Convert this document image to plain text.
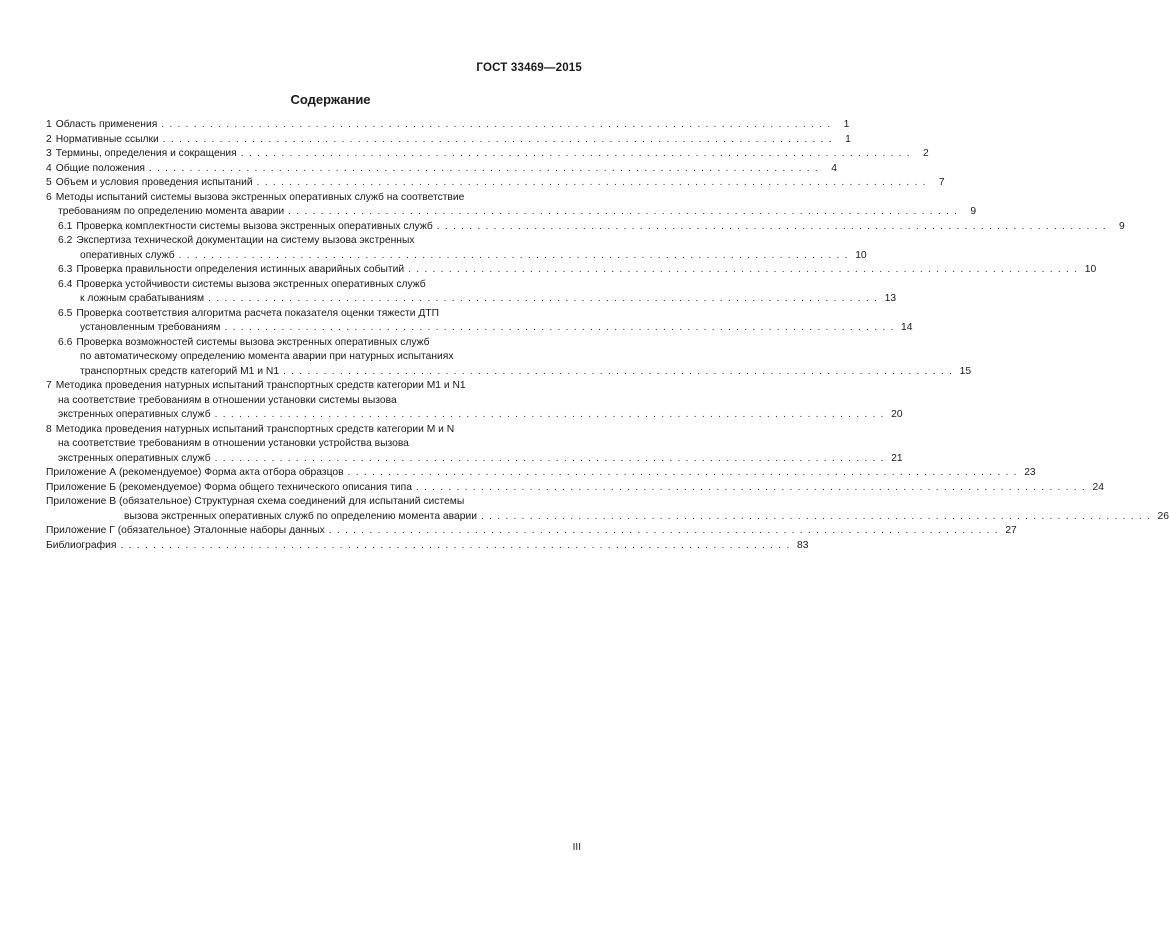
ГОСТ 33469—2015
Содержание
1 Область применения . . . . . . . . . . . . . . . . . . . . . . . . . . . . . . . . . . . . . . . . . . . . . . . . . . . . . . . . . . . . . . . . . . . . . . . . . . . . . . . . . . .	1
2 Нормативные ссылки . . . . . . . . . . . . . . . . . . . . . . . . . . . . . . . . . . . . . . . . . . . . . . . . . . . . . . . . . . . . . . . . . . . . . . . . . . . . . . . . . . .	1
3 Термины, определения и сокращения . . . . . . . . . . . . . . . . . . . . . . . . . . . . . . . . . . . . . . . . . . . . . . . . . . . . . . . . . . . . . . . . . . . . . . . . . . . . . . . . . . .	2
4 Общие положения . . . . . . . . . . . . . . . . . . . . . . . . . . . . . . . . . . . . . . . . . . . . . . . . . . . . . . . . . . . . . . . . . . . . . . . . . . . . . . . . . . .	4
5 Объем и условия проведения испытаний . . . . . . . . . . . . . . . . . . . . . . . . . . . . . . . . . . . . . . . . . . . . . . . . . . . . . . . . . . . . . . . . . . . . . . . . . . . . . . . . . . .	7
6 Методы испытаний системы вызова экстренных оперативных служб на соответствие
требованиям по определению момента аварии . . . . . . . . . . . . . . . . . . . . . . . . . . . . . . . . . . . . . . . . . . . . . . . . . . . . . . . . . . . . . . . . . . . . . . . . . . . . . . . . . . .	9
6.1 Проверка комплектности системы вызова экстренных оперативных служб . . . . . . . . . . . . . . . . . . . . . . . . . . . . . . . . . . . . . . . . . . . . . . . . . . . . . . . . . . . . . . . . . . . . . . . . . . . . . . . . . . .	9
6.2 Экспертиза технической документации на систему вызова экстренных
оперативных служб . . . . . . . . . . . . . . . . . . . . . . . . . . . . . . . . . . . . . . . . . . . . . . . . . . . . . . . . . . . . . . . . . . . . . . . . . . . . . . . . . . . 10
6.3 Проверка правильности определения истинных аварийных событий . . . . . . . . . . . . . . . . . . . . . . . . . . . . . . . . . . . . . . . . . . . . . . . . . . . . . . . . . . . . . . . . . . . . . . . . . . . . . . . . . . . 10
6.4 Проверка устойчивости системы вызова экстренных оперативных служб
к ложным срабатываниям . . . . . . . . . . . . . . . . . . . . . . . . . . . . . . . . . . . . . . . . . . . . . . . . . . . . . . . . . . . . . . . . . . . . . . . . . . . . . . . . . . . 13
6.5 Проверка соответствия алгоритма расчета показателя оценки тяжести ДТП
установленным требованиям . . . . . . . . . . . . . . . . . . . . . . . . . . . . . . . . . . . . . . . . . . . . . . . . . . . . . . . . . . . . . . . . . . . . . . . . . . . . . . . . . . . 14
6.6 Проверка возможностей системы вызова экстренных оперативных служб
по автоматическому определению момента аварии при натурных испытаниях
транспортных средств категорий М1 и N1 . . . . . . . . . . . . . . . . . . . . . . . . . . . . . . . . . . . . . . . . . . . . . . . . . . . . . . . . . . . . . . . . . . . . . . . . . . . . . . . . . . . 15
7 Методика проведения натурных испытаний транспортных средств категории М1 и N1
на соответствие требованиям в отношении установки системы вызова
экстренных оперативных служб . . . . . . . . . . . . . . . . . . . . . . . . . . . . . . . . . . . . . . . . . . . . . . . . . . . . . . . . . . . . . . . . . . . . . . . . . . . . . . . . . . . 20
8 Методика проведения натурных испытаний транспортных средств категории М и N
на соответствие требованиям в отношении установки устройства вызова
экстренных оперативных служб . . . . . . . . . . . . . . . . . . . . . . . . . . . . . . . . . . . . . . . . . . . . . . . . . . . . . . . . . . . . . . . . . . . . . . . . . . . . . . . . . . . 21
Приложение А (рекомендуемое) Форма акта отбора образцов . . . . . . . . . . . . . . . . . . . . . . . . . . . . . . . . . . . . . . . . . . . . . . . . . . . . . . . . . . . . . . . . . . . . . . . . . . . . . . . . . . . 23
Приложение Б (рекомендуемое) Форма общего технического описания типа . . . . . . . . . . . . . . . . . . . . . . . . . . . . . . . . . . . . . . . . . . . . . . . . . . . . . . . . . . . . . . . . . . . . . . . . . . . . . . . . . . . 24
Приложение В (обязательное) Структурная схема соединений для испытаний системы
вызова экстренных оперативных служб по определению момента аварии . . . . . . . . . . . . . . . . . . . . . . . . . . . . . . . . . . . . . . . . . . . . . . . . . . . . . . . . . . . . . . . . . . . . . . . . . . . . . . . . . . . 26
Приложение Г (обязательное) Эталонные наборы данных . . . . . . . . . . . . . . . . . . . . . . . . . . . . . . . . . . . . . . . . . . . . . . . . . . . . . . . . . . . . . . . . . . . . . . . . . . . . . . . . . . . 27
Библиография . . . . . . . . . . . . . . . . . . . . . . . . . . . . . . . . . . . . . . . . . . . . . . . . . . . . . . . . . . . . . . . . . . . . . . . . . . . . . . . . . . . 83
III
